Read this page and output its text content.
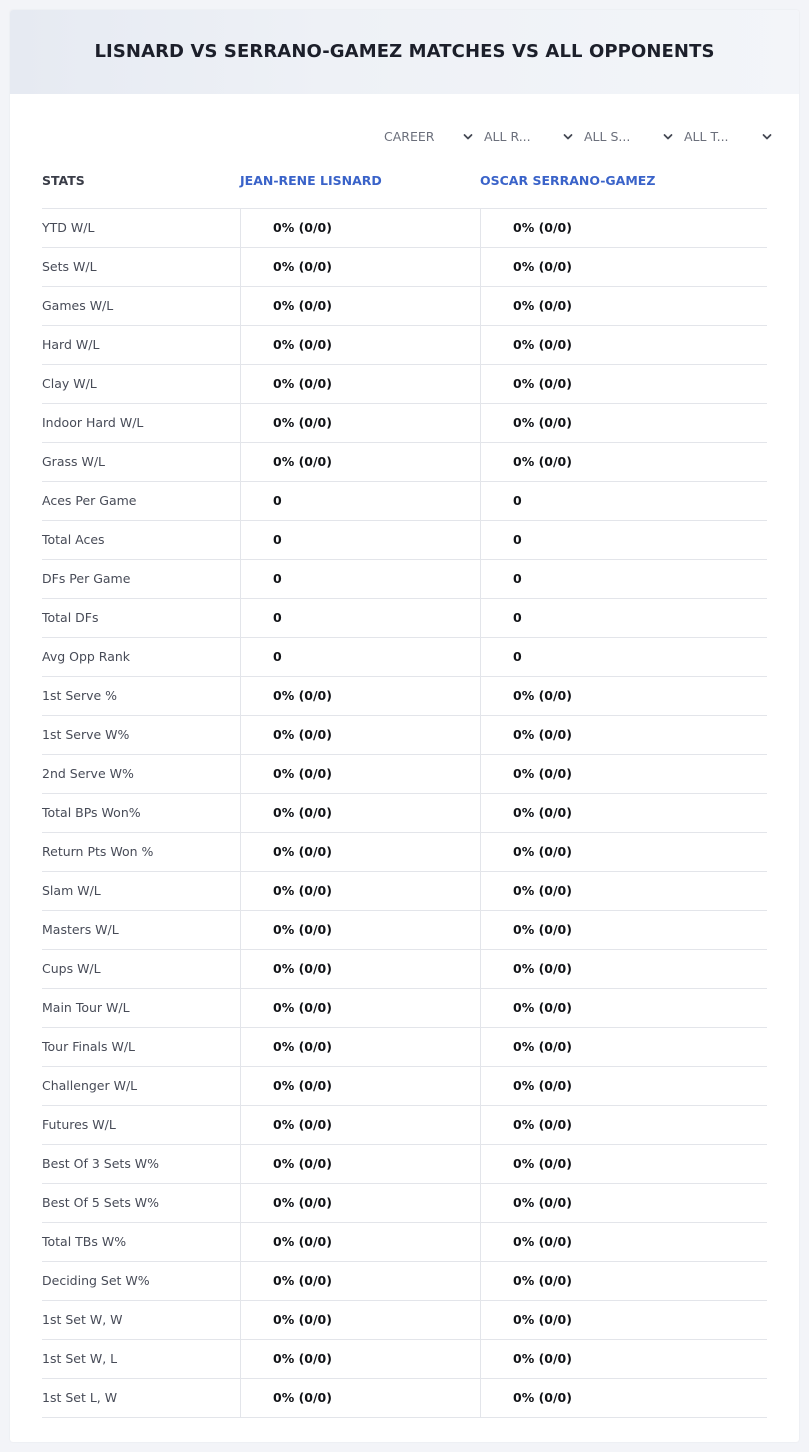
LISNARD VS SERRANO-GAMEZ MATCHES VS ALL OPPONENTS
CAREER	ALL R...	ALL S...	ALL T...
STATS	JEAN-RENE LISNARD	OSCAR SERRANO-GAMEZ
YTD W/L	0% (0/0)	0% (0/0)
Sets W/L	0% (0/0)	0% (0/0)
Games W/L	0% (0/0)	0% (0/0)
Hard W/L	0% (0/0)	0% (0/0)
Clay W/L	0% (0/0)	0% (0/0)
Indoor Hard W/L	0% (0/0)	0% (0/0)
Grass W/L	0% (0/0)	0% (0/0)
Aces Per Game	0	0
Total Aces	0	0
DFs Per Game	0	0
Total DFs	0	0
Avg Opp Rank	0	0
1st Serve %	0% (0/0)	0% (0/0)
1st Serve W%	0% (0/0)	0% (0/0)
2nd Serve W%	0% (0/0)	0% (0/0)
Total BPs Won%	0% (0/0)	0% (0/0)
Return Pts Won %	0% (0/0)	0% (0/0)
Slam W/L	0% (0/0)	0% (0/0)
Masters W/L	0% (0/0)	0% (0/0)
Cups W/L	0% (0/0)	0% (0/0)
Main Tour W/L	0% (0/0)	0% (0/0)
Tour Finals W/L	0% (0/0)	0% (0/0)
Challenger W/L	0% (0/0)	0% (0/0)
Futures W/L	0% (0/0)	0% (0/0)
Best Of 3 Sets W%	0% (0/0)	0% (0/0)
Best Of 5 Sets W%	0% (0/0)	0% (0/0)
Total TBs W%	0% (0/0)	0% (0/0)
Deciding Set W%	0% (0/0)	0% (0/0)
1st Set W, W	0% (0/0)	0% (0/0)
1st Set W, L	0% (0/0)	0% (0/0)
1st Set L, W	0% (0/0)	0% (0/0)
